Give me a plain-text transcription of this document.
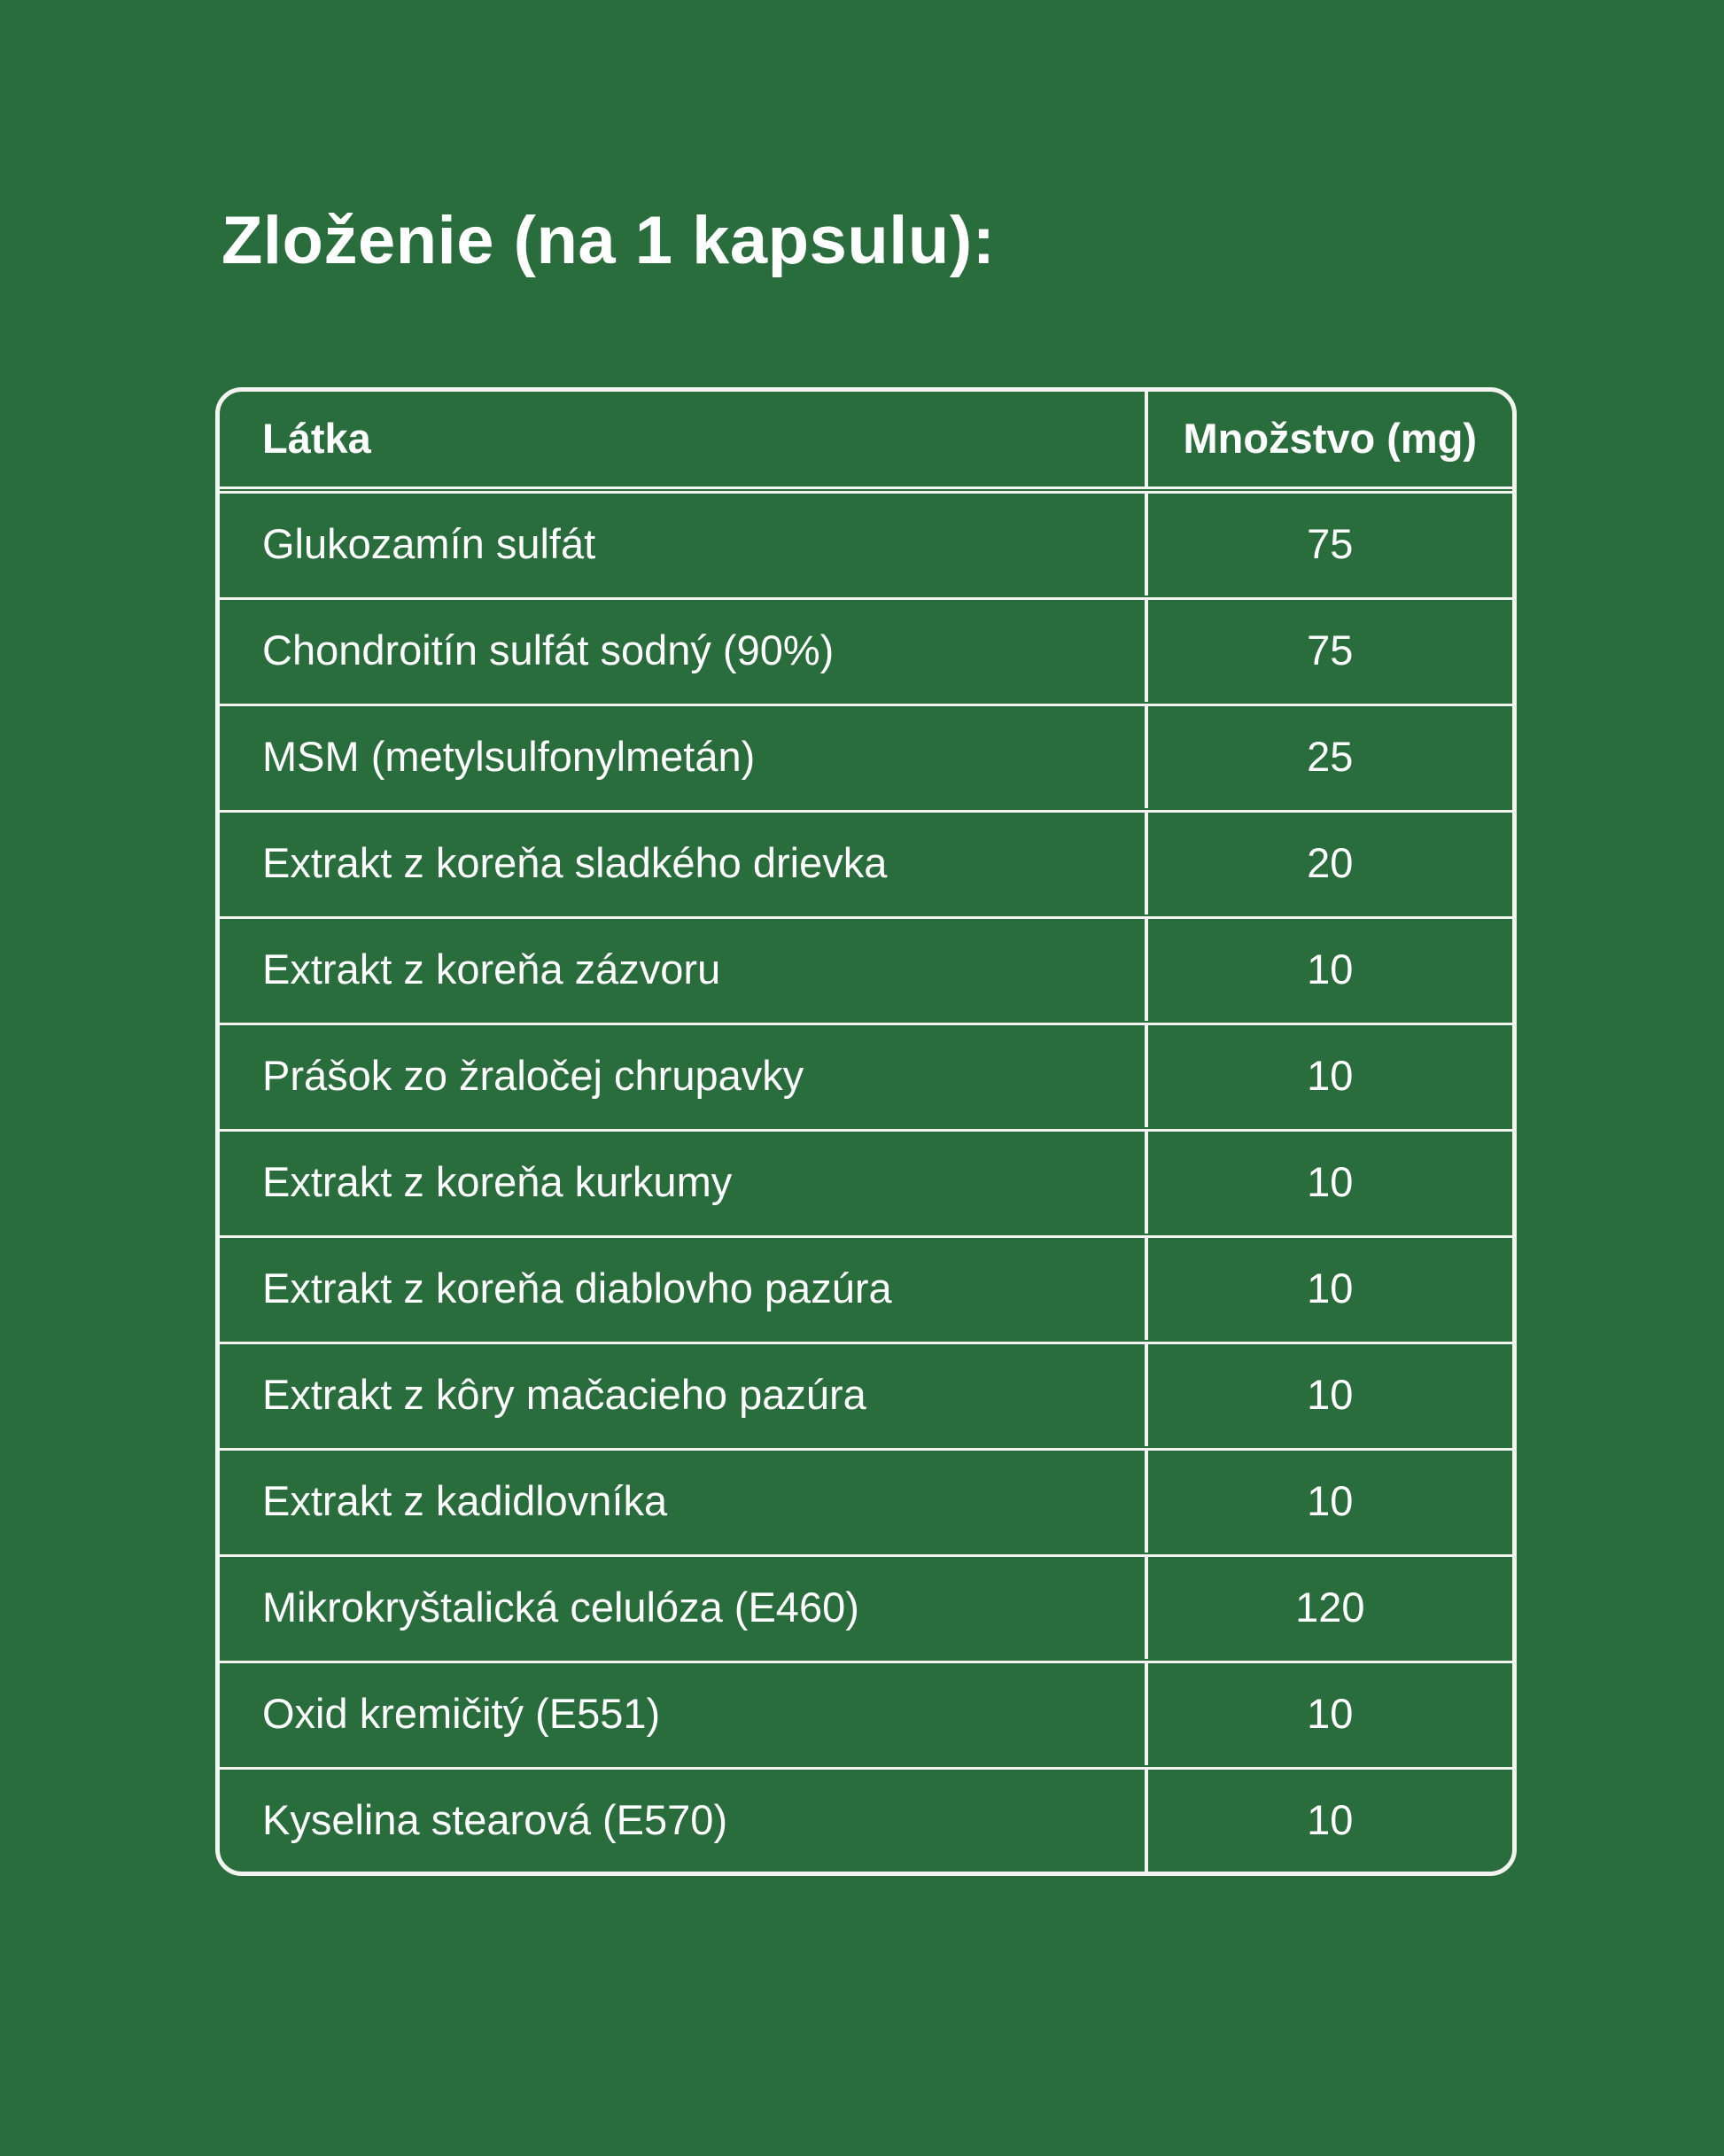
Zloženie (na 1 kapsulu):
Látka	Množstvo (mg)
Glukozamín sulfát	75
Chondroitín sulfát sodný (90%)	75
MSM (metylsulfonylmetán)	25
Extrakt z koreňa sladkého drievka	20
Extrakt z koreňa zázvoru	10
Prášok zo žraločej chrupavky	10
Extrakt z koreňa kurkumy	10
Extrakt z koreňa diablovho pazúra	10
Extrakt z kôry mačacieho pazúra	10
Extrakt z kadidlovníka	10
Mikrokryštalická celulóza (E460)	120
Oxid kremičitý (E551)	10
Kyselina stearová (E570)	10
